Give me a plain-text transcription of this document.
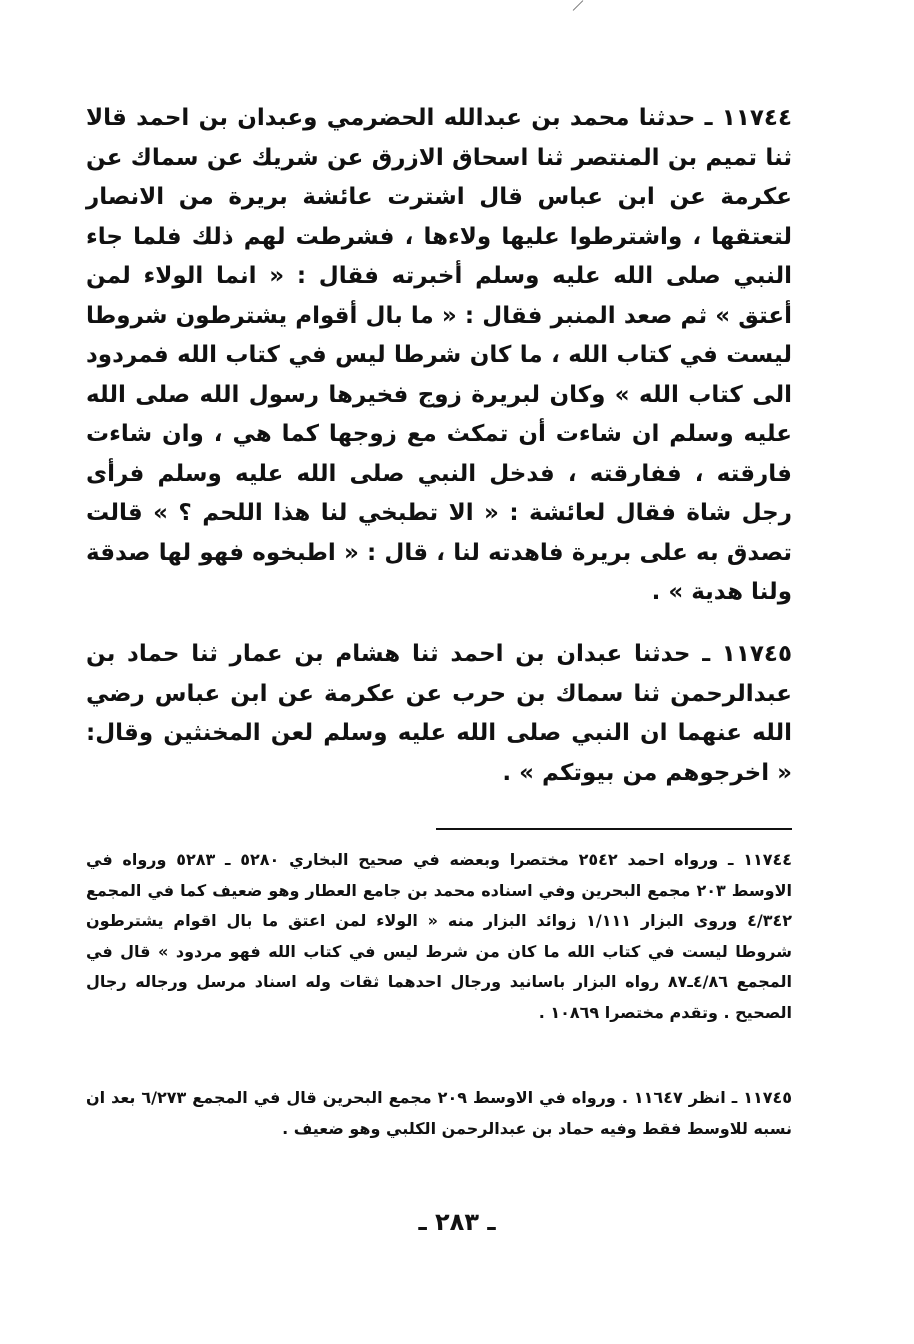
١١٧٤٤ ـ حدثنا محمد بن عبدالله الحضرمي وعبدان بن احمد قالا ثنا تميم بن المنتصر ثنا اسحاق الازرق عن شريك عن سماك عن عكرمة عن ابن عباس قال اشترت عائشة بريرة من الانصار لتعتقها ، واشترطوا عليها ولاءها ، فشرطت لهم ذلك فلما جاء النبي صلى الله عليه وسلم أخبرته فقال : « انما الولاء لمن أعتق » ثم صعد المنبر فقال : « ما بال أقوام يشترطون شروطا ليست في كتاب الله ، ما كان شرطا ليس في كتاب الله فمردود الى كتاب الله » وكان لبريرة زوج فخيرها رسول الله صلى الله عليه وسلم ان شاءت أن تمكث مع زوجها كما هي ، وان شاءت فارقته ، ففارقته ، فدخل النبي صلى الله عليه وسلم فرأى رجل شاة فقال لعائشة : « الا تطبخي لنا هذا اللحم ؟ » قالت تصدق به على بريرة فاهدته لنا ، قال : « اطبخوه فهو لها صدقة ولنا هدية » .

١١٧٤٥ ـ حدثنا عبدان بن احمد ثنا هشام بن عمار ثنا حماد بن عبدالرحمن ثنا سماك بن حرب عن عكرمة عن ابن عباس رضي الله عنهما ان النبي صلى الله عليه وسلم لعن المخنثين وقال: « اخرجوهم من بيوتكم » .

١١٧٤٤ ـ ورواه احمد ٢٥٤٢ مختصرا وبعضه في صحيح البخاري ٥٢٨٠ ـ ٥٢٨٣ ورواه في الاوسط ٢٠٣ مجمع البحرين وفي اسناده محمد بن جامع العطار وهو ضعيف كما في المجمع ٤/٣٤٢ وروى البزار ١/١١١ زوائد البزار منه « الولاء لمن اعتق ما بال اقوام يشترطون شروطا ليست في كتاب الله ما كان من شرط ليس في كتاب الله فهو مردود » قال في المجمع ٤/٨٦ـ٨٧ رواه البزار باسانيد ورجال احدهما ثقات وله اسناد مرسل ورجاله رجال الصحيح . وتقدم مختصرا ١٠٨٦٩ .

١١٧٤٥ ـ انظر ١١٦٤٧ . ورواه في الاوسط ٢٠٩ مجمع البحرين قال في المجمع ٦/٢٧٣ بعد ان نسبه للاوسط فقط وفيه حماد بن عبدالرحمن الكلبي وهو ضعيف .

ـ ٢٨٣ ـ
